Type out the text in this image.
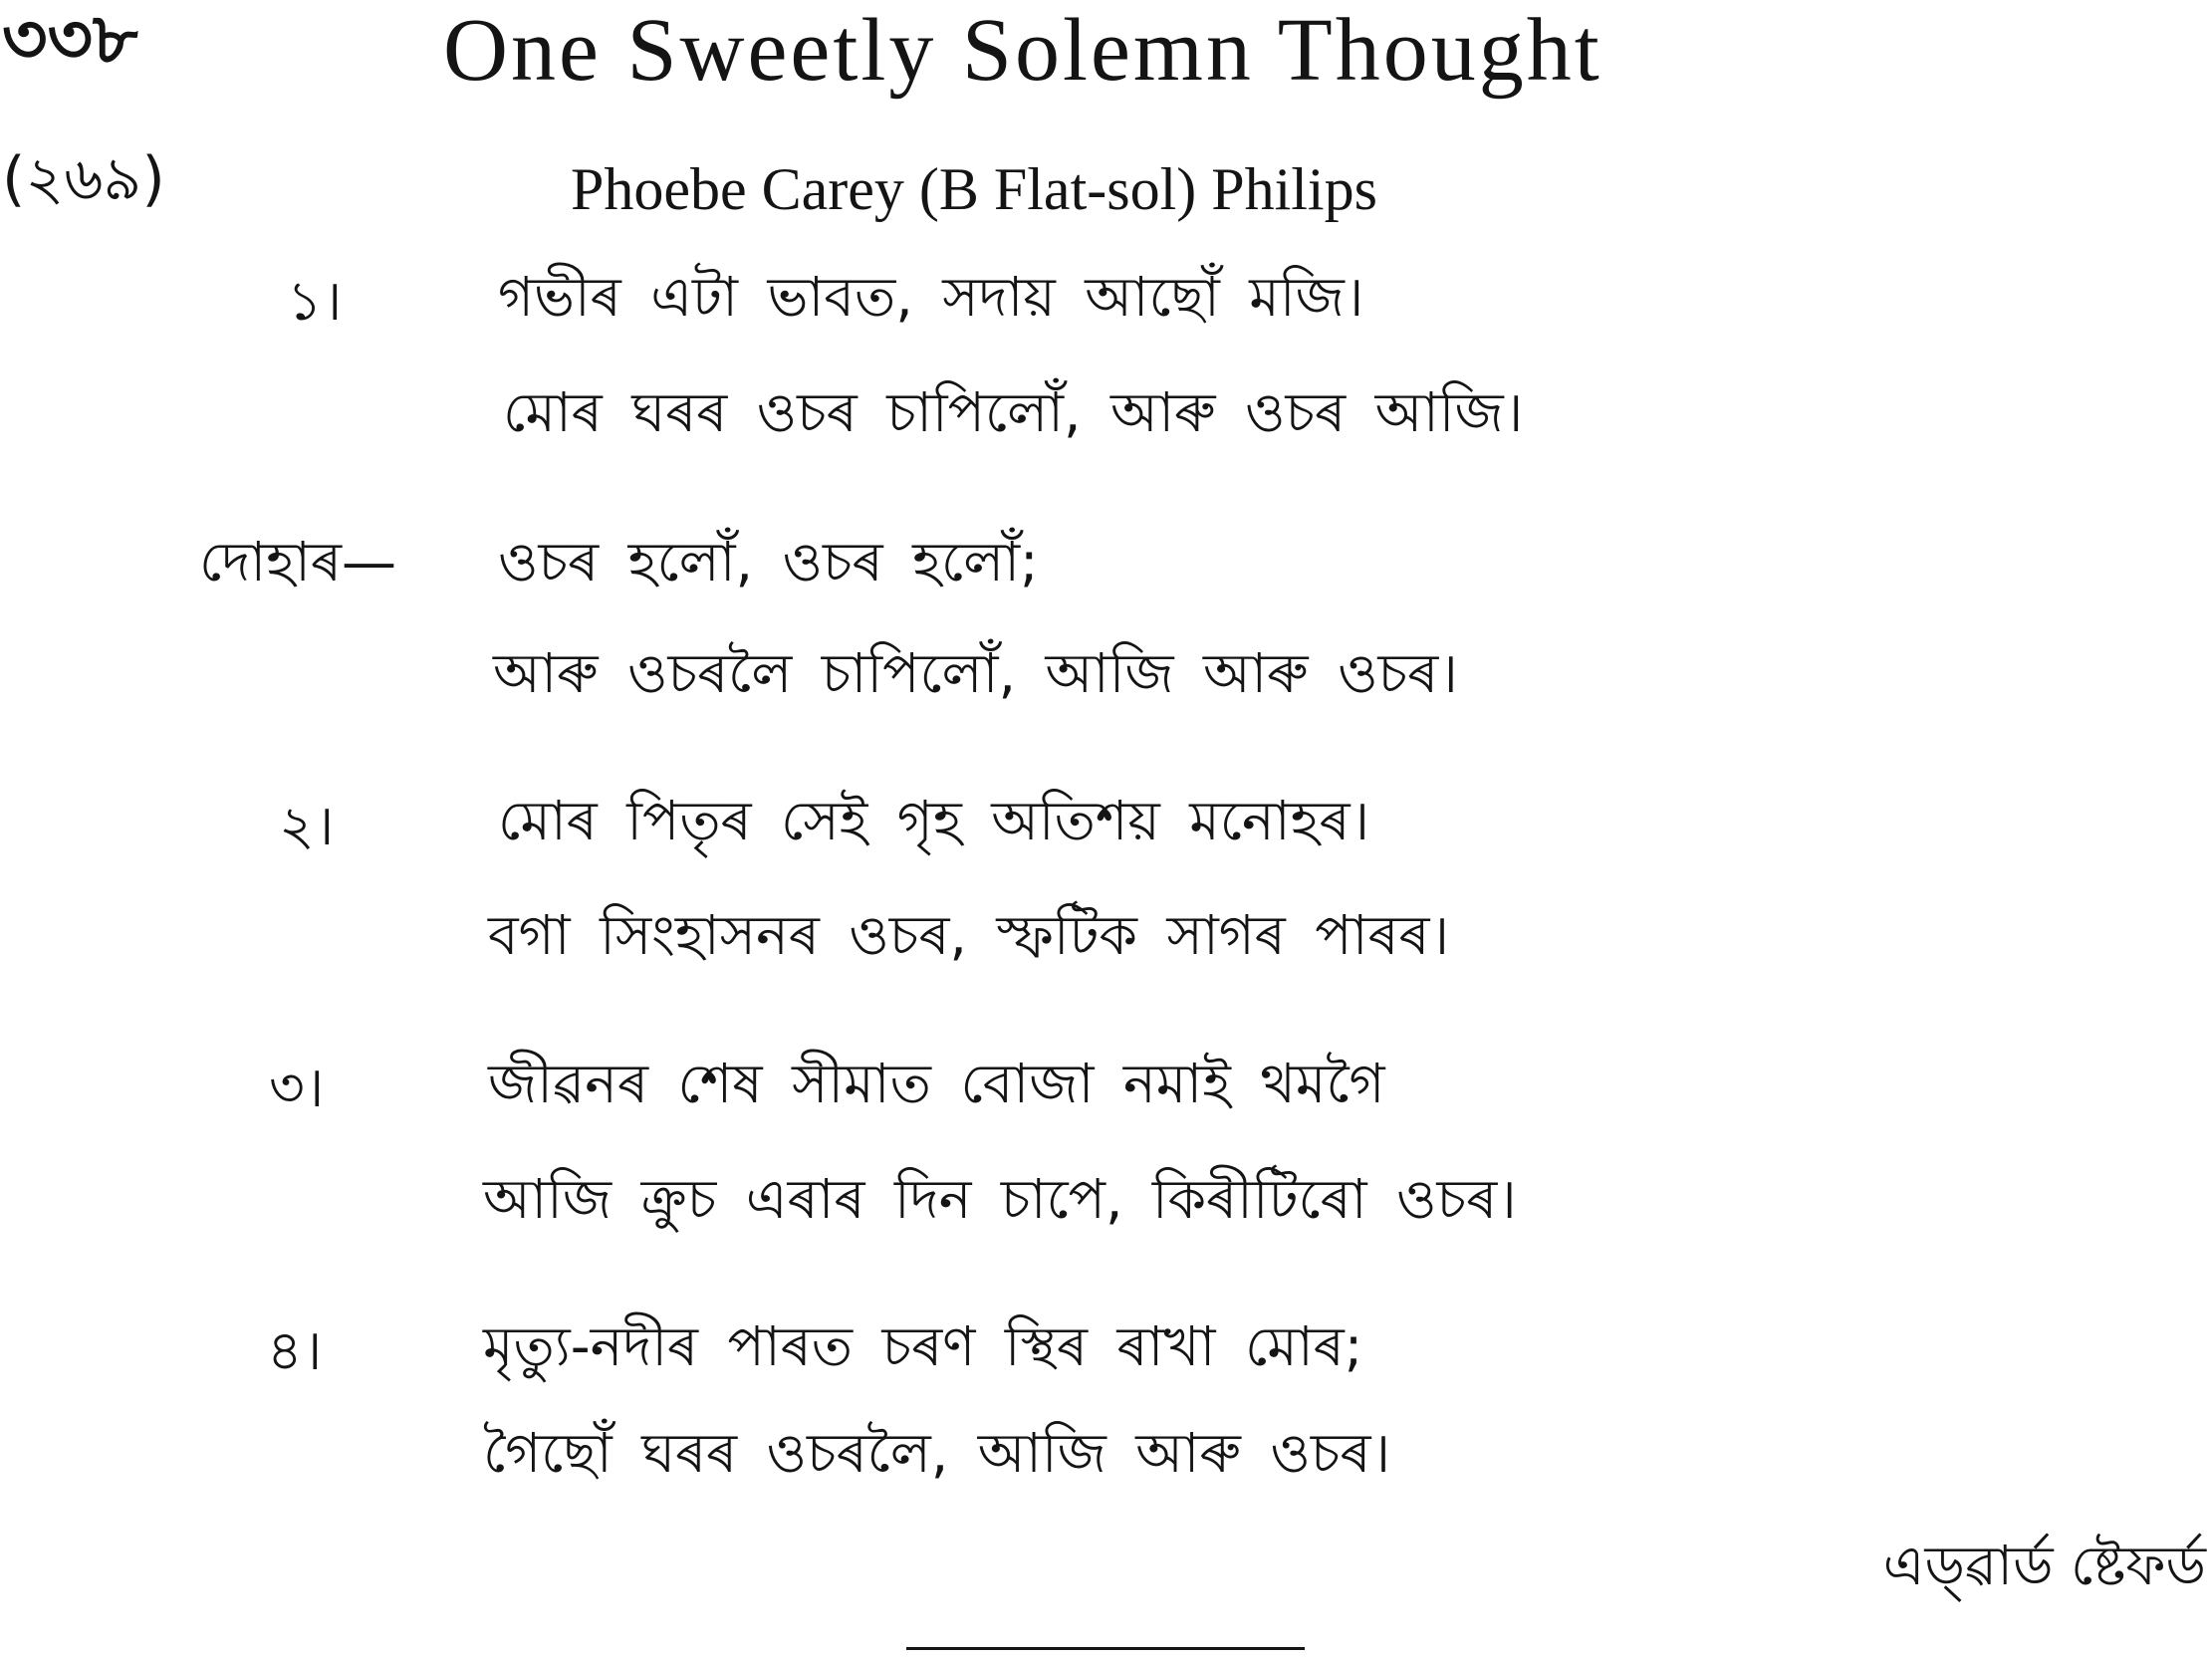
৩৩৮	One Sweetly Solemn Thought
(২৬৯)	Phoebe Carey (B Flat-sol) Philips
১।	গভীৰ এটা ভাবত, সদায় আছোঁ মজি।
মোৰ ঘৰৰ ওচৰ চাপিলোঁ, আৰু ওচৰ আজি।
দোহাৰ— ওচৰ হলোঁ, ওচৰ হলোঁ;
আৰু ওচৰলৈ চাপিলোঁ, আজি আৰু ওচৰ।
২।	মোৰ পিতৃৰ সেই গৃহ অতিশয় মনোহৰ।
বগা সিংহাসনৰ ওচৰ, স্ফটিক সাগৰ পাৰৰ।
৩।	জীৱনৰ শেষ সীমাত বোজা নমাই থমগৈ
আজি ক্রুচ এৰাৰ দিন চাপে, কিৰীটিৰো ওচৰ।
৪।	মৃত্যু-নদীৰ পাৰত চৰণ স্থিৰ ৰাখা মোৰ;
গৈছোঁ ঘৰৰ ওচৰলৈ, আজি আৰু ওচৰ।
এড্ৱাৰ্ড ষ্টেফৰ্ড
